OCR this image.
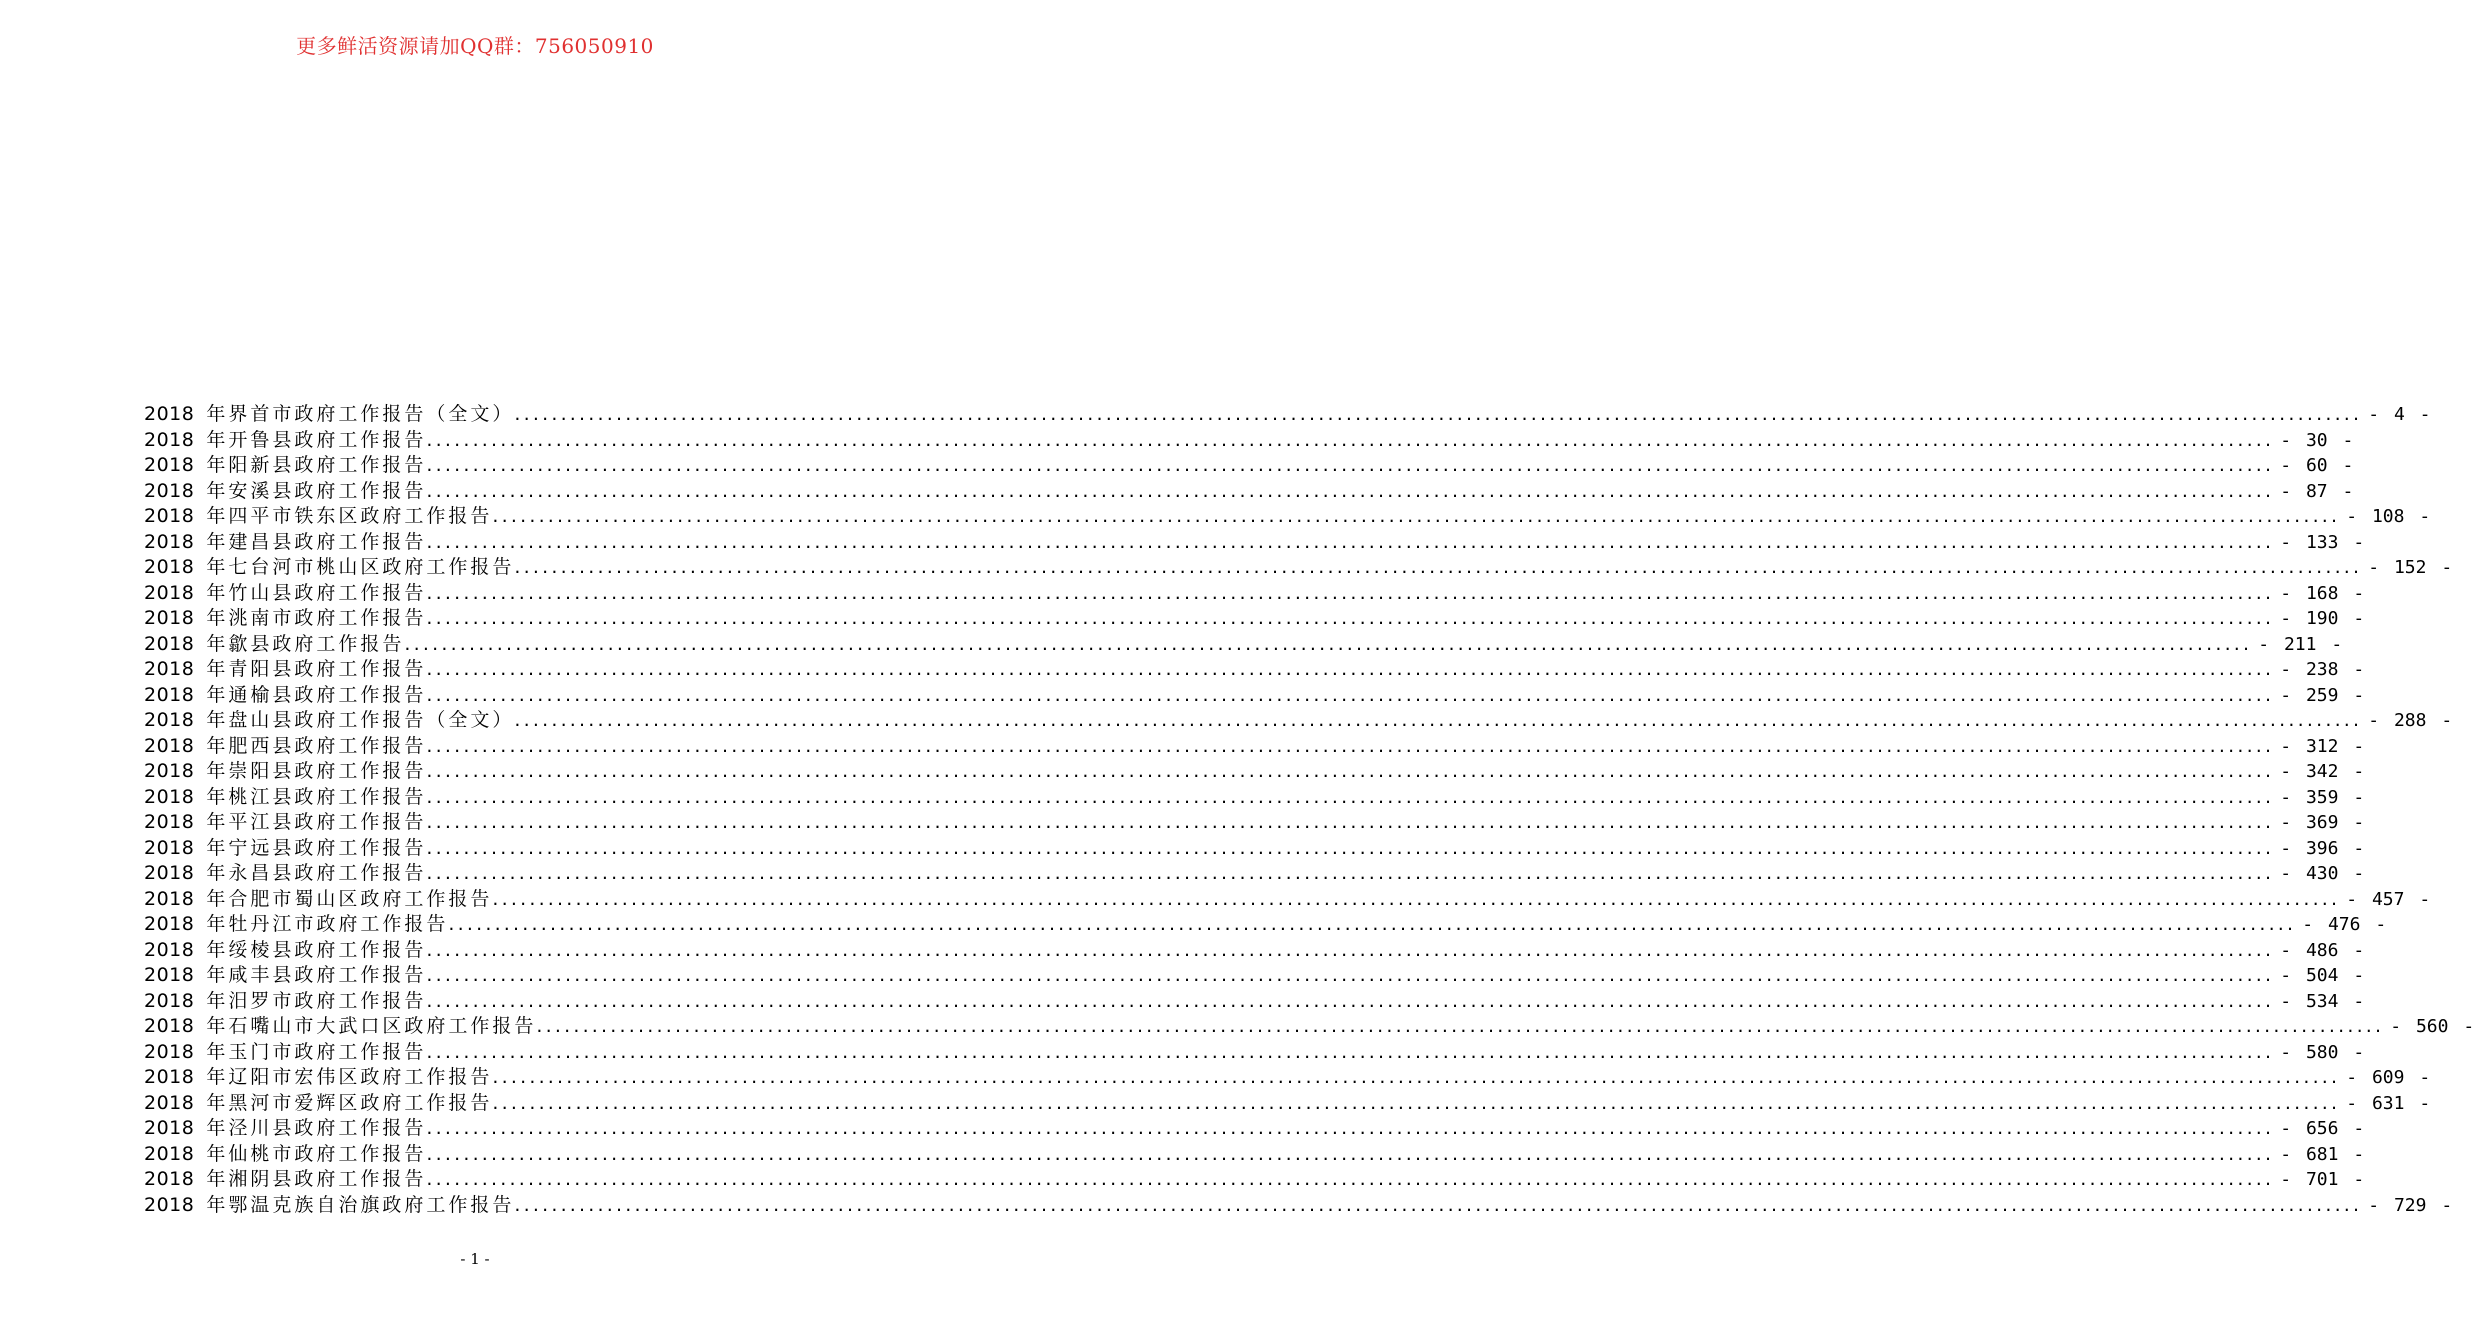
更多鲜活资源请加QQ群：756050910
2018 年界首市政府工作报告（全文） ........................................................................................................................................................................................................ - 4 -
2018 年开鲁县政府工作报告 ........................................................................................................................................................................................................ - 30 -
2018 年阳新县政府工作报告 ........................................................................................................................................................................................................ - 60 -
2018 年安溪县政府工作报告 ........................................................................................................................................................................................................ - 87 -
2018 年四平市铁东区政府工作报告 ........................................................................................................................................................................................................ - 108 -
2018 年建昌县政府工作报告 ........................................................................................................................................................................................................ - 133 -
2018 年七台河市桃山区政府工作报告 ........................................................................................................................................................................................................ - 152 -
2018 年竹山县政府工作报告 ........................................................................................................................................................................................................ - 168 -
2018 年洮南市政府工作报告 ........................................................................................................................................................................................................ - 190 -
2018 年歙县政府工作报告 ........................................................................................................................................................................................................ - 211 -
2018 年青阳县政府工作报告 ........................................................................................................................................................................................................ - 238 -
2018 年通榆县政府工作报告 ........................................................................................................................................................................................................ - 259 -
2018 年盘山县政府工作报告（全文） ........................................................................................................................................................................................................ - 288 -
2018 年肥西县政府工作报告 ........................................................................................................................................................................................................ - 312 -
2018 年崇阳县政府工作报告 ........................................................................................................................................................................................................ - 342 -
2018 年桃江县政府工作报告 ........................................................................................................................................................................................................ - 359 -
2018 年平江县政府工作报告 ........................................................................................................................................................................................................ - 369 -
2018 年宁远县政府工作报告 ........................................................................................................................................................................................................ - 396 -
2018 年永昌县政府工作报告 ........................................................................................................................................................................................................ - 430 -
2018 年合肥市蜀山区政府工作报告 ........................................................................................................................................................................................................ - 457 -
2018 年牡丹江市政府工作报告 ........................................................................................................................................................................................................ - 476 -
2018 年绥棱县政府工作报告 ........................................................................................................................................................................................................ - 486 -
2018 年咸丰县政府工作报告 ........................................................................................................................................................................................................ - 504 -
2018 年汨罗市政府工作报告 ........................................................................................................................................................................................................ - 534 -
2018 年石嘴山市大武口区政府工作报告 ........................................................................................................................................................................................................ - 560 -
2018 年玉门市政府工作报告 ........................................................................................................................................................................................................ - 580 -
2018 年辽阳市宏伟区政府工作报告 ........................................................................................................................................................................................................ - 609 -
2018 年黑河市爱辉区政府工作报告 ........................................................................................................................................................................................................ - 631 -
2018 年泾川县政府工作报告 ........................................................................................................................................................................................................ - 656 -
2018 年仙桃市政府工作报告 ........................................................................................................................................................................................................ - 681 -
2018 年湘阴县政府工作报告 ........................................................................................................................................................................................................ - 701 -
2018 年鄂温克族自治旗政府工作报告 ........................................................................................................................................................................................................ - 729 -
- 1 -
